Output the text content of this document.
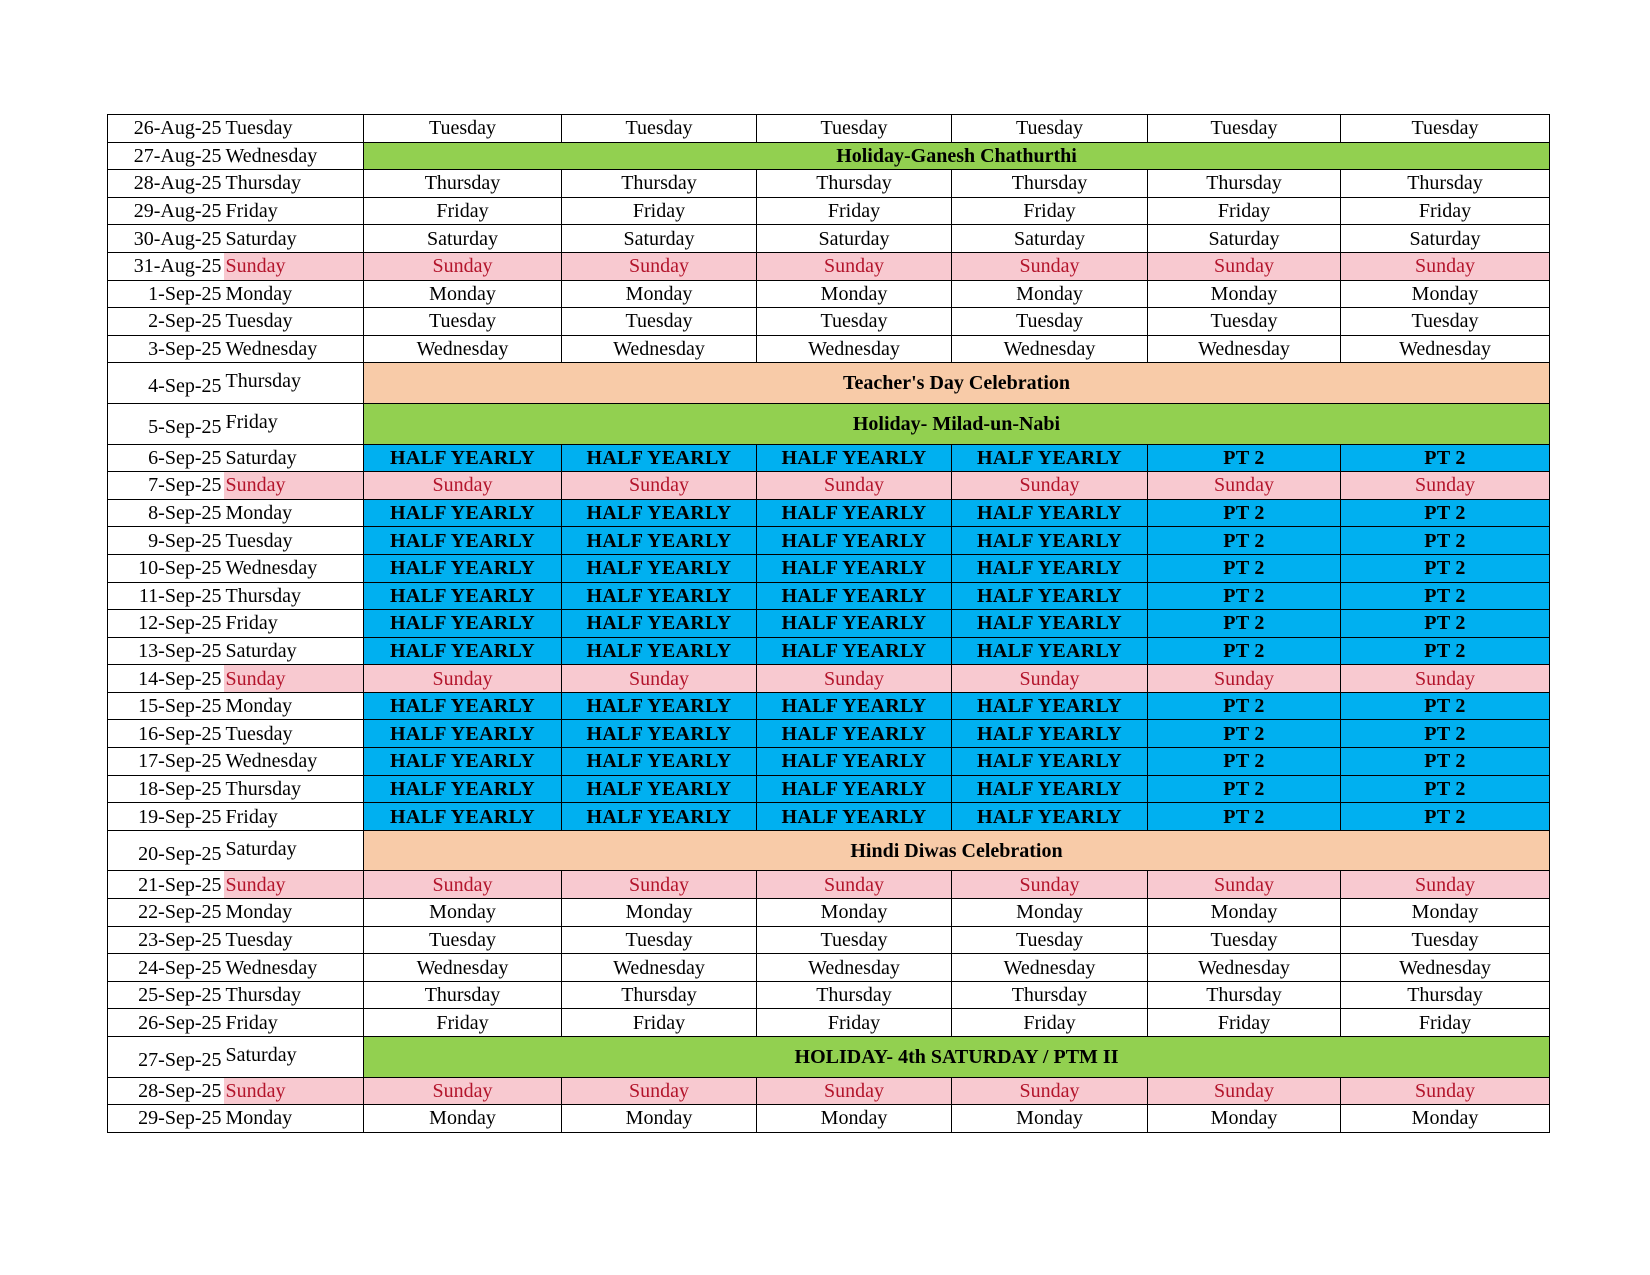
26-Aug-25	Tuesday	Tuesday	Tuesday	Tuesday	Tuesday	Tuesday	Tuesday
27-Aug-25	Wednesday	Holiday-Ganesh Chathurthi					
28-Aug-25	Thursday	Thursday	Thursday	Thursday	Thursday	Thursday	Thursday
29-Aug-25	Friday	Friday	Friday	Friday	Friday	Friday	Friday
30-Aug-25	Saturday	Saturday	Saturday	Saturday	Saturday	Saturday	Saturday
31-Aug-25	Sunday	Sunday	Sunday	Sunday	Sunday	Sunday	Sunday
1-Sep-25	Monday	Monday	Monday	Monday	Monday	Monday	Monday
2-Sep-25	Tuesday	Tuesday	Tuesday	Tuesday	Tuesday	Tuesday	Tuesday
3-Sep-25	Wednesday	Wednesday	Wednesday	Wednesday	Wednesday	Wednesday	Wednesday
4-Sep-25	Thursday	Teacher's Day Celebration					
5-Sep-25	Friday	Holiday- Milad-un-Nabi					
6-Sep-25	Saturday	HALF YEARLY	HALF YEARLY	HALF YEARLY	HALF YEARLY	PT 2	PT 2
7-Sep-25	Sunday	Sunday	Sunday	Sunday	Sunday	Sunday	Sunday
8-Sep-25	Monday	HALF YEARLY	HALF YEARLY	HALF YEARLY	HALF YEARLY	PT 2	PT 2
9-Sep-25	Tuesday	HALF YEARLY	HALF YEARLY	HALF YEARLY	HALF YEARLY	PT 2	PT 2
10-Sep-25	Wednesday	HALF YEARLY	HALF YEARLY	HALF YEARLY	HALF YEARLY	PT 2	PT 2
11-Sep-25	Thursday	HALF YEARLY	HALF YEARLY	HALF YEARLY	HALF YEARLY	PT 2	PT 2
12-Sep-25	Friday	HALF YEARLY	HALF YEARLY	HALF YEARLY	HALF YEARLY	PT 2	PT 2
13-Sep-25	Saturday	HALF YEARLY	HALF YEARLY	HALF YEARLY	HALF YEARLY	PT 2	PT 2
14-Sep-25	Sunday	Sunday	Sunday	Sunday	Sunday	Sunday	Sunday
15-Sep-25	Monday	HALF YEARLY	HALF YEARLY	HALF YEARLY	HALF YEARLY	PT 2	PT 2
16-Sep-25	Tuesday	HALF YEARLY	HALF YEARLY	HALF YEARLY	HALF YEARLY	PT 2	PT 2
17-Sep-25	Wednesday	HALF YEARLY	HALF YEARLY	HALF YEARLY	HALF YEARLY	PT 2	PT 2
18-Sep-25	Thursday	HALF YEARLY	HALF YEARLY	HALF YEARLY	HALF YEARLY	PT 2	PT 2
19-Sep-25	Friday	HALF YEARLY	HALF YEARLY	HALF YEARLY	HALF YEARLY	PT 2	PT 2
20-Sep-25	Saturday	Hindi Diwas Celebration					
21-Sep-25	Sunday	Sunday	Sunday	Sunday	Sunday	Sunday	Sunday
22-Sep-25	Monday	Monday	Monday	Monday	Monday	Monday	Monday
23-Sep-25	Tuesday	Tuesday	Tuesday	Tuesday	Tuesday	Tuesday	Tuesday
24-Sep-25	Wednesday	Wednesday	Wednesday	Wednesday	Wednesday	Wednesday	Wednesday
25-Sep-25	Thursday	Thursday	Thursday	Thursday	Thursday	Thursday	Thursday
26-Sep-25	Friday	Friday	Friday	Friday	Friday	Friday	Friday
27-Sep-25	Saturday	HOLIDAY- 4th SATURDAY / PTM II					
28-Sep-25	Sunday	Sunday	Sunday	Sunday	Sunday	Sunday	Sunday
29-Sep-25	Monday	Monday	Monday	Monday	Monday	Monday	Monday
